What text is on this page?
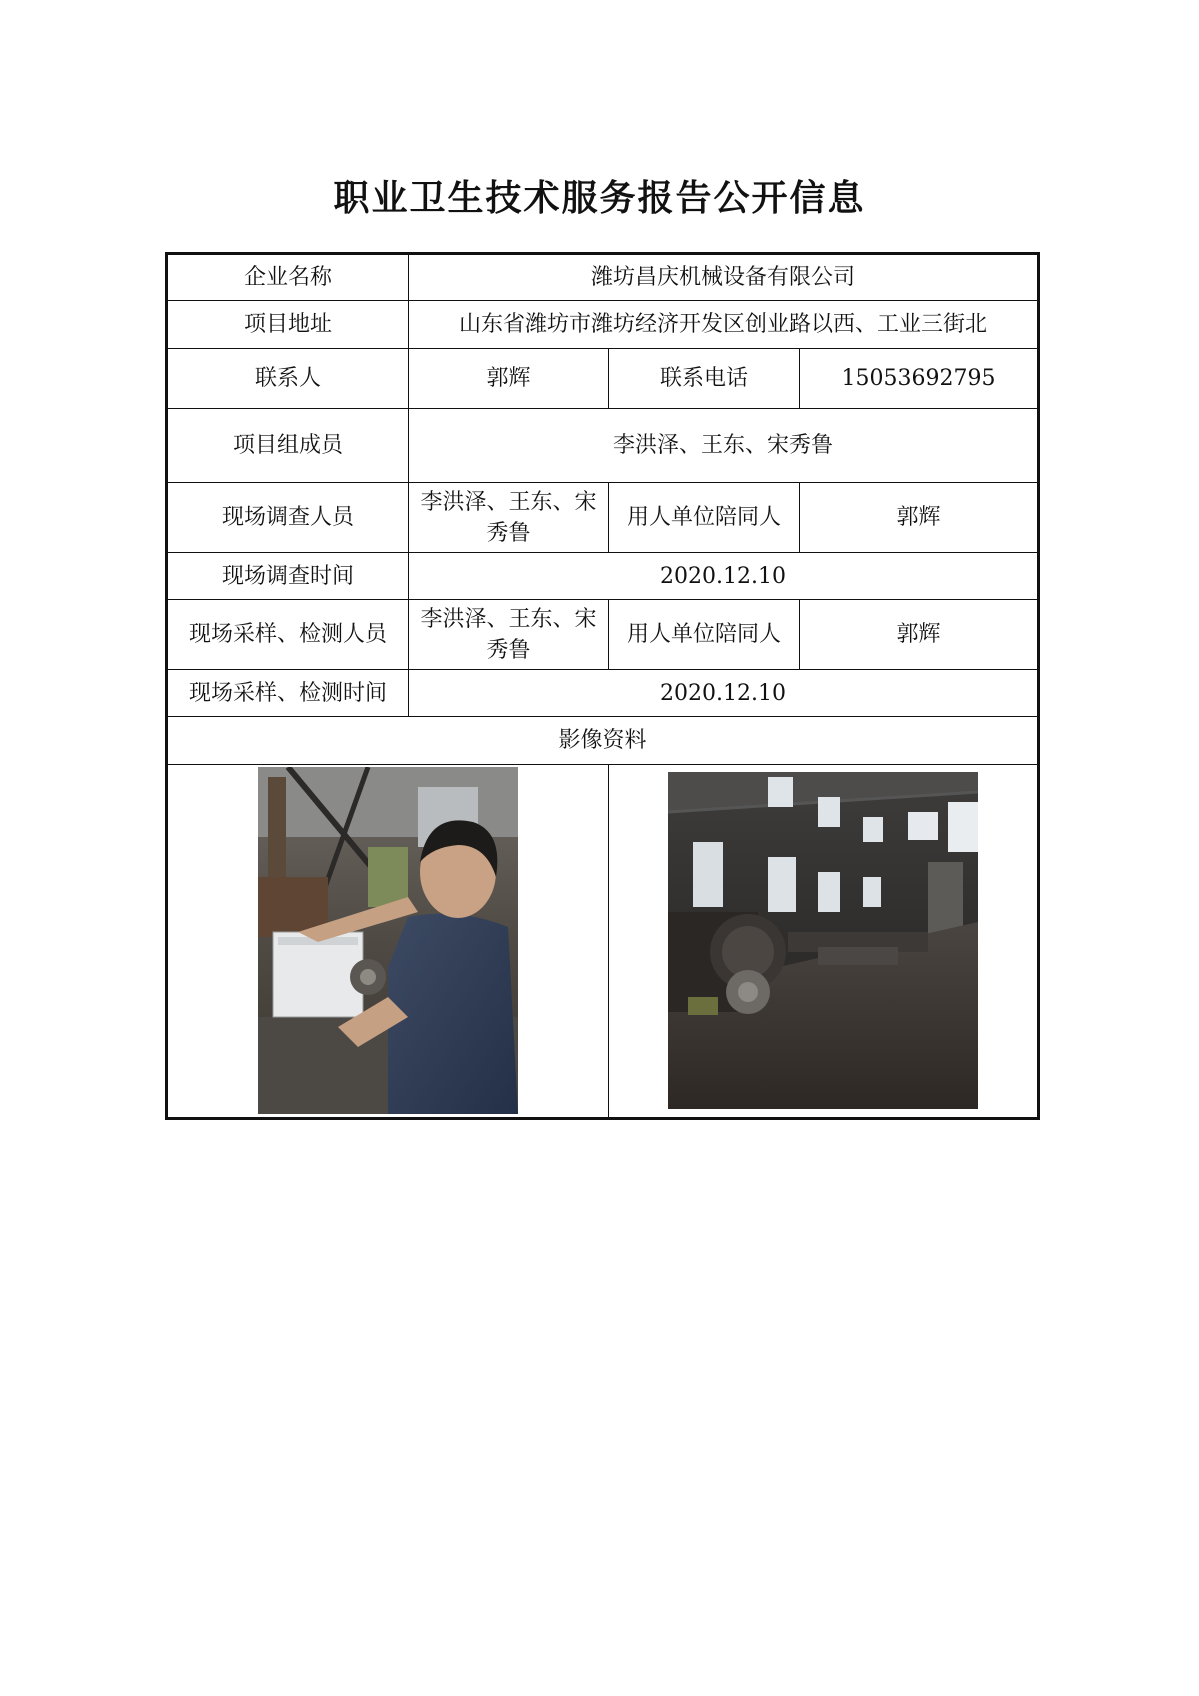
职业卫生技术服务报告公开信息
企业名称	潍坊昌庆机械设备有限公司		
项目地址	山东省潍坊市潍坊经济开发区创业路以西、工业三街北		
联系人	郭辉	联系电话	15053692795
项目组成员	李洪泽、王东、宋秀鲁		
现场调查人员	李洪泽、王东、宋秀鲁	用人单位陪同人	郭辉
现场调查时间	2020.12.10		
现场采样、检测人员	李洪泽、王东、宋秀鲁	用人单位陪同人	郭辉
现场采样、检测时间	2020.12.10		
影像资料			
